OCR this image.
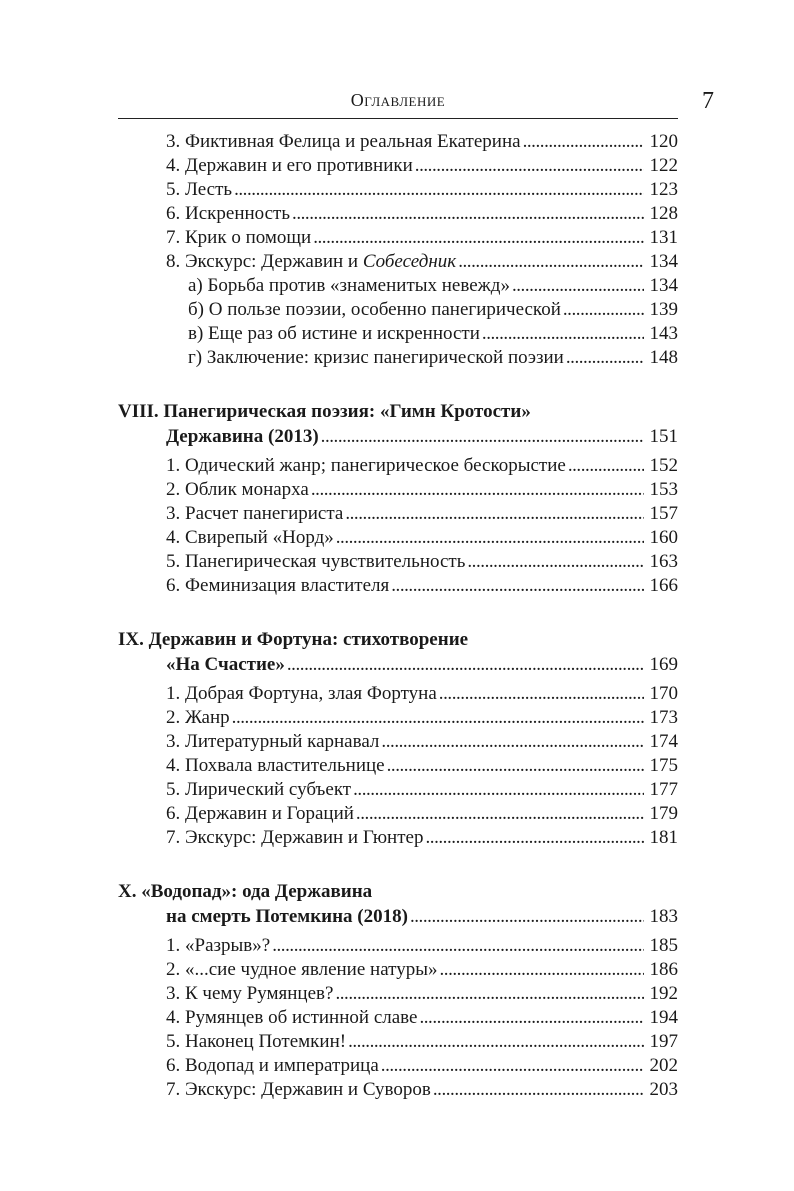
Оглавление	7
3. Фиктивная Фелица и реальная Екатерина . . .	120
4. Державин и его противники . . .	122
5. Лесть . . .	123
6. Искренность . . .	128
7. Крик о помощи . . .	131
8. Экскурс: Державин и Собеседник . . .	134
а) Борьба против «знаменитых невежд» . . .	134
б) О пользе поэзии, особенно панегирической . . .	139
в) Еще раз об истине и искренности . . .	143
г) Заключение: кризис панегирической поэзии . . .	148
VIII. Панегирическая поэзия: «Гимн Кротости»
Державина (2013) . . .	151
1. Одический жанр; панегирическое бескорыстие . . .	152
2. Облик монарха . . .	153
3. Расчет панегириста . . .	157
4. Свирепый «Норд» . . .	160
5. Панегирическая чувствительность . . .	163
6. Феминизация властителя . . .	166
IX. Державин и Фортуна: стихотворение
«На Счастие» . . .	169
1. Добрая Фортуна, злая Фортуна . . .	170
2. Жанр . . .	173
3. Литературный карнавал . . .	174
4. Похвала властительнице . . .	175
5. Лирический субъект . . .	177
6. Державин и Гораций . . .	179
7. Экскурс: Державин и Гюнтер . . .	181
X. «Водопад»: ода Державина
на смерть Потемкина (2018) . . .	183
1. «Разрыв»? . . .	185
2. «...сие чудное явление натуры» . . .	186
3. К чему Румянцев? . . .	192
4. Румянцев об истинной славе . . .	194
5. Наконец Потемкин! . . .	197
6. Водопад и императрица . . .	202
7. Экскурс: Державин и Суворов . . .	203
